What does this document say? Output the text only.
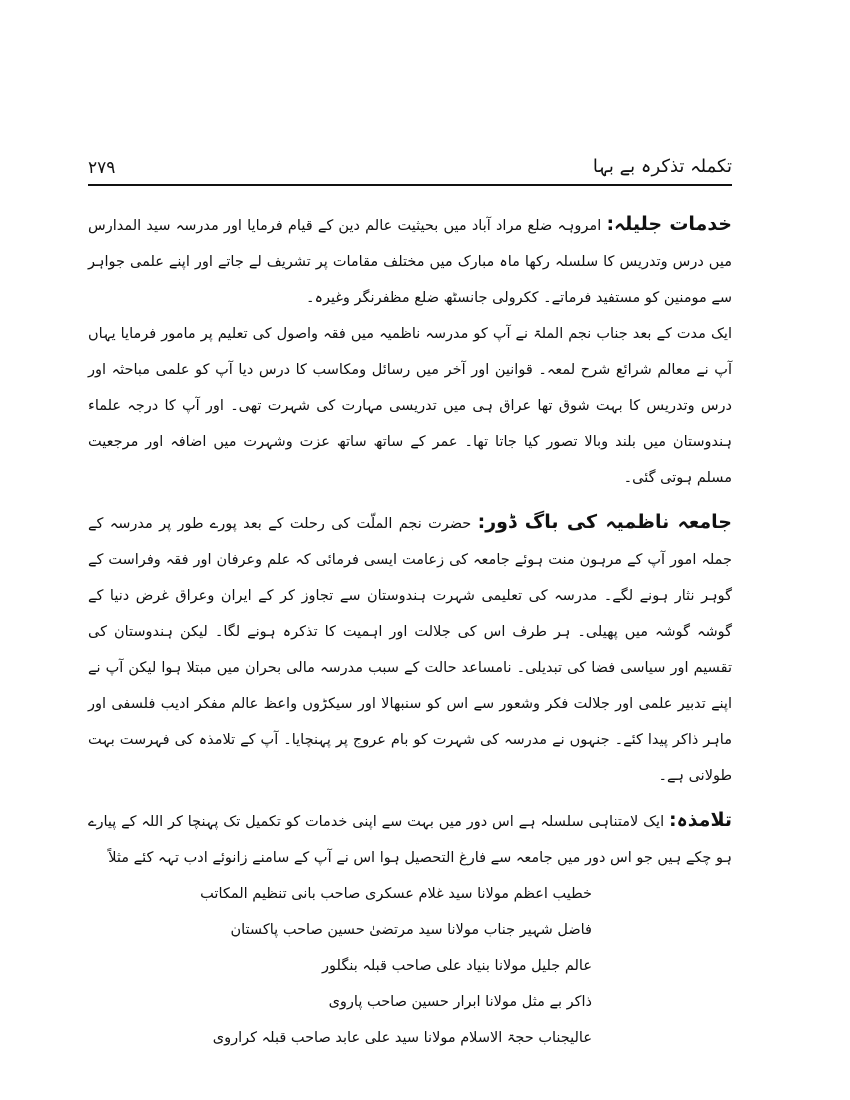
۲۷۹	تکملہ تذکرہ بے بہا

خدمات جلیلہ: امروہہ ضلع مراد آباد میں بحیثیت عالم دین کے قیام فرمایا اور مدرسہ سید المدارس میں درس وتدریس کا سلسلہ رکھا ماہ مبارک میں مختلف مقامات پر تشریف لے جاتے اور اپنے علمی جواہر سے مومنین کو مستفید فرماتے۔ ککرولی جانسٹھ ضلع مظفرنگر وغیرہ۔

ایک مدت کے بعد جناب نجم الملۃ نے آپ کو مدرسہ ناظمیہ میں فقہ واصول کی تعلیم پر مامور فرمایا یہاں آپ نے معالم شرائع شرح لمعہ۔ قوانین اور آخر میں رسائل ومکاسب کا درس دیا آپ کو علمی مباحثہ اور درس وتدریس کا بہت شوق تھا عراق ہی میں تدریسی مہارت کی شہرت تھی۔ اور آپ کا درجہ علماء ہندوستان میں بلند وبالا تصور کیا جاتا تھا۔ عمر کے ساتھ ساتھ عزت وشہرت میں اضافہ اور مرجعیت مسلم ہوتی گئی۔

جامعہ ناظمیہ کی باگ ڈور: حضرت نجم الملّت کی رحلت کے بعد پورے طور پر مدرسہ کے جملہ امور آپ کے مرہون منت ہوئے جامعہ کی زعامت ایسی فرمائی کہ علم وعرفان اور فقہ وفراست کے گوہر نثار ہونے لگے۔ مدرسہ کی تعلیمی شہرت ہندوستان سے تجاوز کر کے ایران وعراق غرض دنیا کے گوشہ گوشہ میں پھیلی۔ ہر طرف اس کی جلالت اور اہمیت کا تذکرہ ہونے لگا۔ لیکن ہندوستان کی تقسیم اور سیاسی فضا کی تبدیلی۔ نامساعد حالت کے سبب مدرسہ مالی بحران میں مبتلا ہوا لیکن آپ نے اپنے تدبیر علمی اور جلالت فکر وشعور سے اس کو سنبھالا اور سیکڑوں واعظ عالم مفکر ادیب فلسفی اور ماہر ذاکر پیدا کئے۔ جنہوں نے مدرسہ کی شہرت کو بام عروج پر پہنچایا۔ آپ کے تلامذہ کی فہرست بہت طولانی ہے۔

تلامذہ: ایک لامتناہی سلسلہ ہے اس دور میں بہت سے اپنی خدمات کو تکمیل تک پہنچا کر اللہ کے پیارے ہو چکے ہیں جو اس دور میں جامعہ سے فارغ التحصیل ہوا اس نے آپ کے سامنے زانوئے ادب تہہ کئے مثلاً

خطیب اعظم مولانا سید غلام عسکری صاحب بانی تنظیم المکاتب
فاضل شہیر جناب مولانا سید مرتضیٰ حسین صاحب پاکستان
عالم جلیل مولانا بنیاد علی صاحب قبلہ بنگلور
ذاکر بے مثل مولانا ابرار حسین صاحب پاروی
عالیجناب حجۃ الاسلام مولانا سید علی عابد صاحب قبلہ کراروی
